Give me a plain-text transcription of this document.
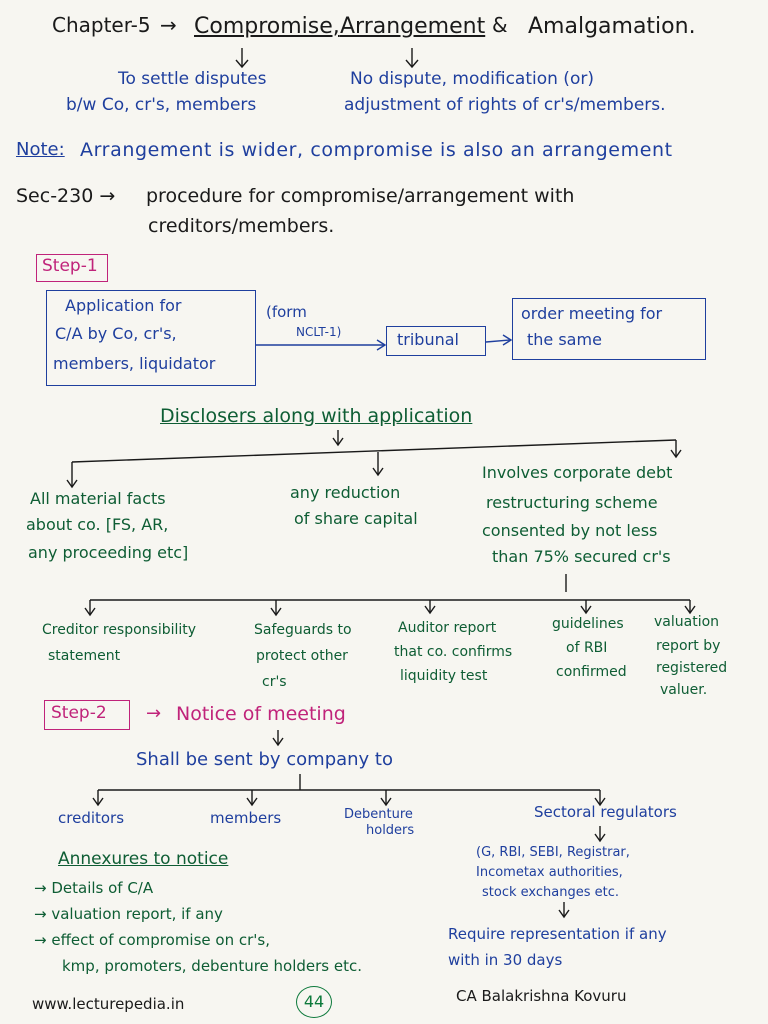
Chapter-5 → Compromise, Arrangement & Amalgamation.
To settle disputes
b/w Co, cr's, members
No dispute, modification (or)
adjustment of rights of cr's/members.
Note: Arrangement is wider, compromise is also an arrangement
Sec-230 → procedure for compromise/arrangement with
creditors/members.
Step-1
Application for
C/A by Co, cr's,
members, liquidator
(form
NCLT-1)	tribunal
order meeting for
the same
Disclosers along with application
All material facts
about co. [FS, AR,
any proceeding etc]
any reduction
of share capital
Involves corporate debt
restructuring scheme
consented by not less
than 75% secured cr's
Creditor responsibility
statement
Safeguards to
protect other
cr's
Auditor report
that co. confirms
liquidity test
guidelines
of RBI
confirmed
valuation
report by
registered
valuer.
Step-2 → Notice of meeting
Shall be sent by company to
creditors	members	Debenture
holders
Sectoral regulators
(G, RBI, SEBI, Registrar,
Incometax authorities,
stock exchanges etc.
Require representation if any
with in 30 days
Annexures to notice
→ Details of C/A
→ valuation report, if any
→ effect of compromise on cr's,
kmp, promoters, debenture holders etc.
www.lecturepedia.in	44	CA Balakrishna Kovuru
